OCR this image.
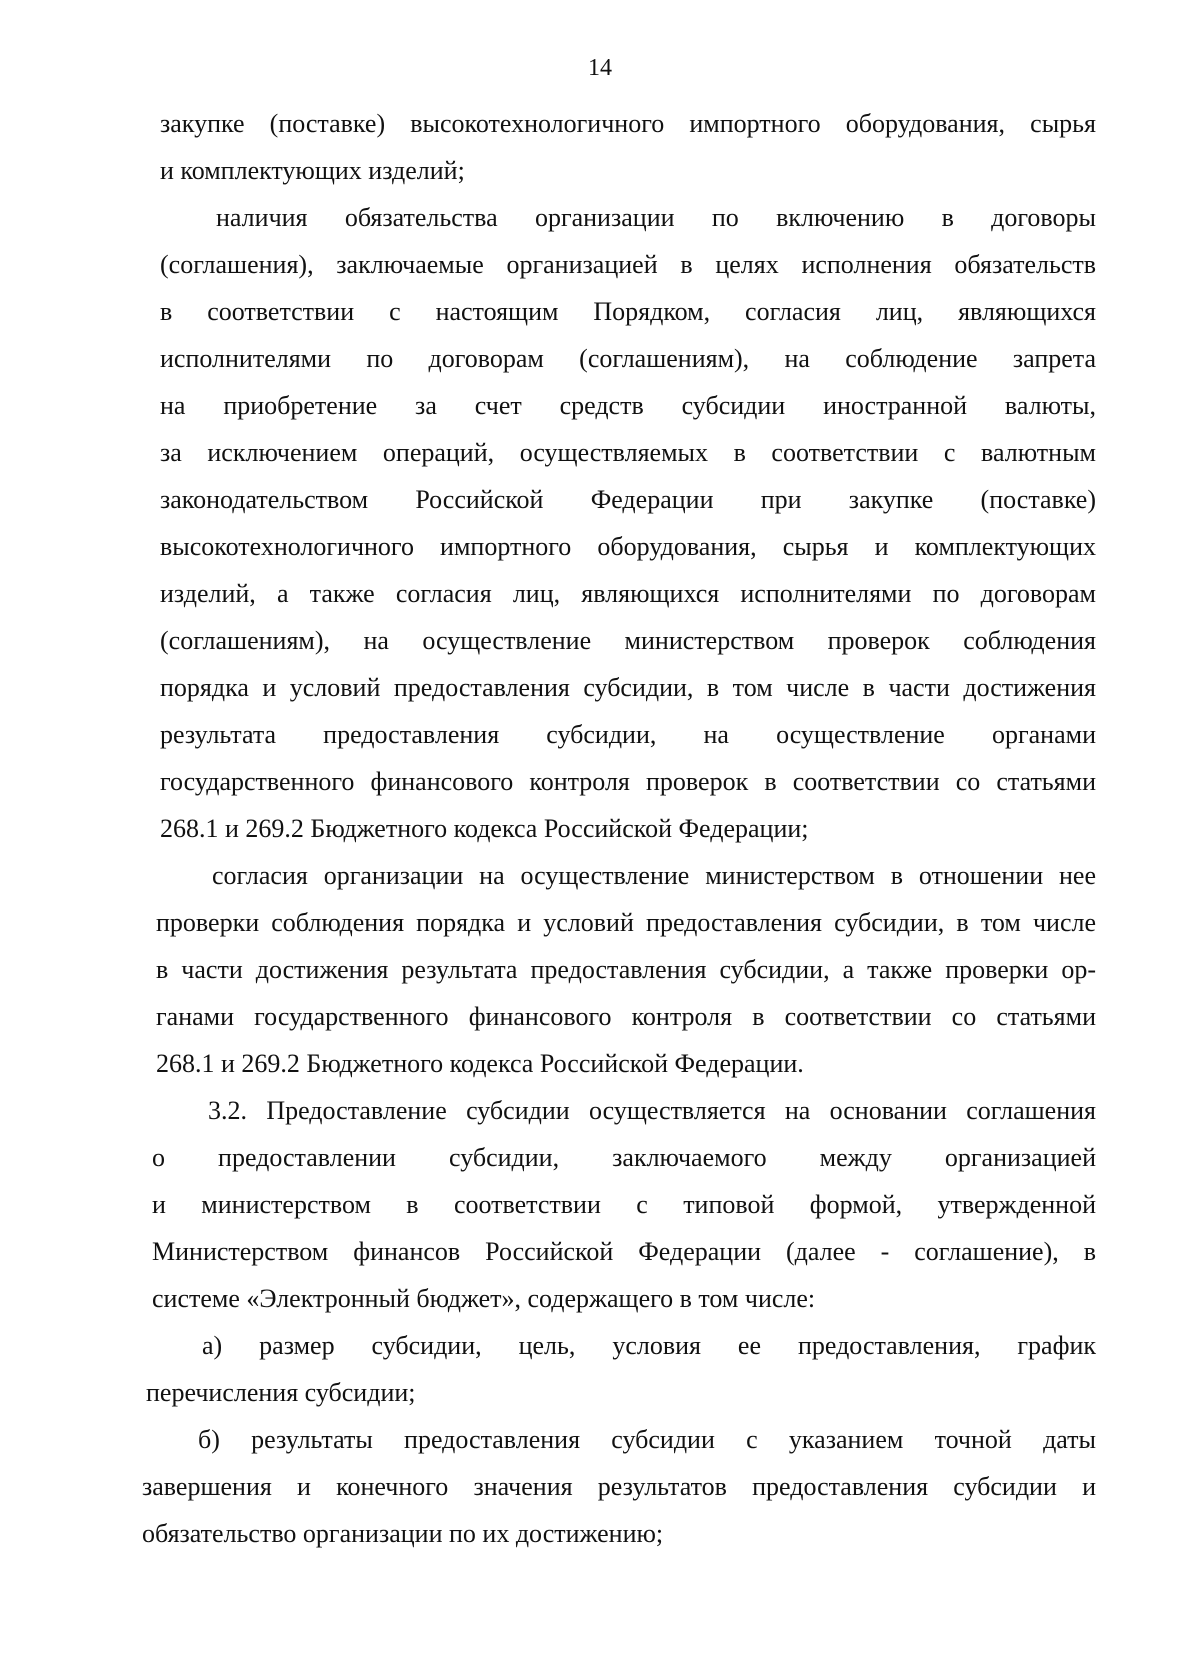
14
закупке (поставке) высокотехнологичного импортного оборудования, сырья
и комплектующих изделий;
наличия обязательства организации по включению в договоры
(соглашения), заключаемые организацией в целях исполнения обязательств
в соответствии с настоящим Порядком, согласия лиц, являющихся
исполнителями по договорам (соглашениям), на соблюдение запрета
на приобретение за счет средств субсидии иностранной валюты,
за исключением операций, осуществляемых в соответствии с валютным
законодательством Российской Федерации при закупке (поставке)
высокотехнологичного импортного оборудования, сырья и комплектующих
изделий, а также согласия лиц, являющихся исполнителями по договорам
(соглашениям), на осуществление министерством проверок соблюдения
порядка и условий предоставления субсидии, в том числе в части достижения
результата предоставления субсидии, на осуществление органами
государственного финансового контроля проверок в соответствии со статьями
268.1 и 269.2 Бюджетного кодекса Российской Федерации;
согласия организации на осуществление министерством в отношении нее
проверки соблюдения порядка и условий предоставления субсидии, в том числе
в части достижения результата предоставления субсидии, а также проверки ор-
ганами государственного финансового контроля в соответствии со статьями
268.1 и 269.2 Бюджетного кодекса Российской Федерации.
3.2. Предоставление субсидии осуществляется на основании соглашения
о предоставлении субсидии, заключаемого между организацией
и министерством в соответствии с типовой формой, утвержденной
Министерством финансов Российской Федерации (далее - соглашение), в
системе «Электронный бюджет», содержащего в том числе:
а) размер субсидии, цель, условия ее предоставления, график
перечисления субсидии;
б) результаты предоставления субсидии с указанием точной даты
завершения и конечного значения результатов предоставления субсидии и
обязательство организации по их достижению;
